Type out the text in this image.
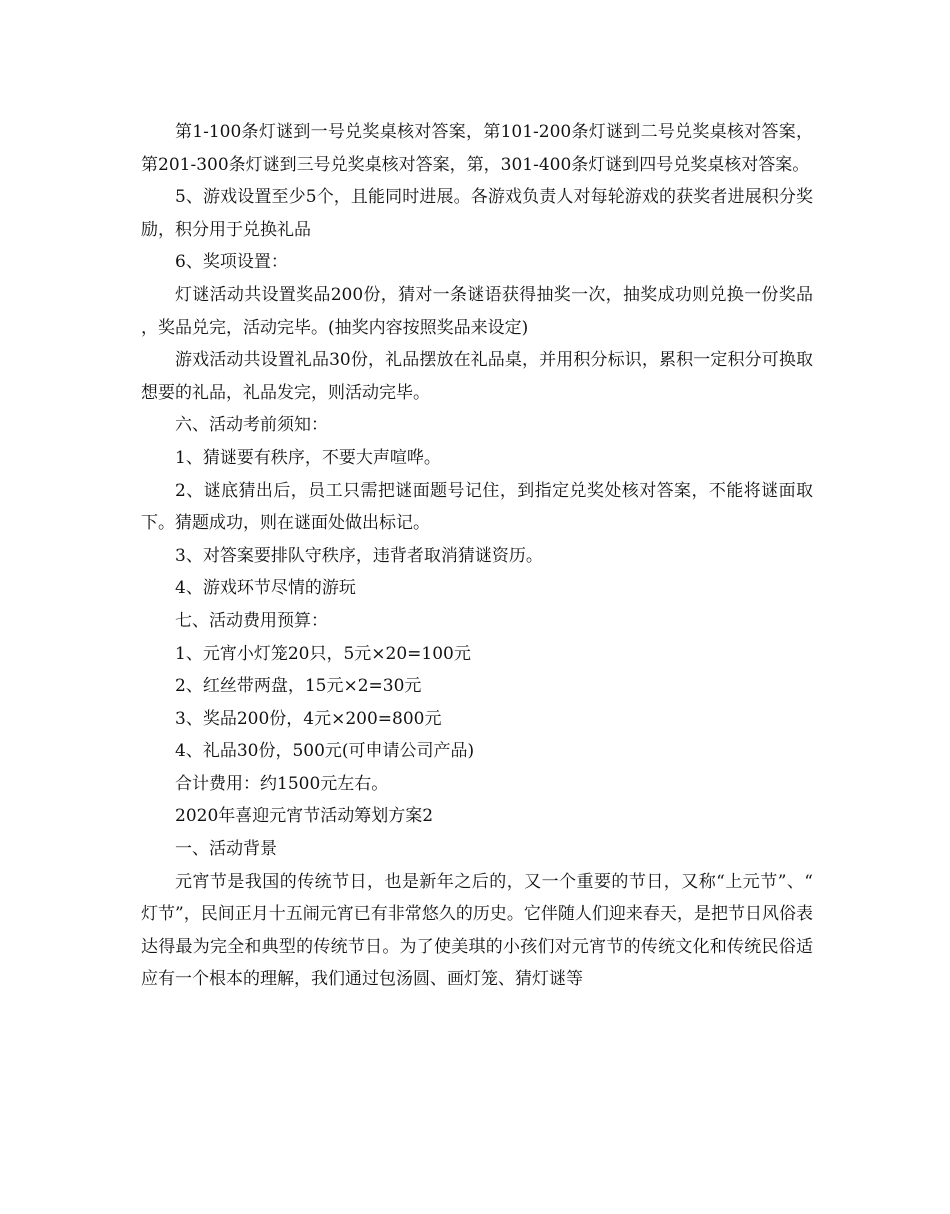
第1-100条灯谜到一号兑奖桌核对答案，第101-200条灯谜到二号兑奖桌核对答案，第201-300条灯谜到三号兑奖桌核对答案，第，301-400条灯谜到四号兑奖桌核对答案。

5、游戏设置至少5个，且能同时进展。各游戏负责人对每轮游戏的获奖者进展积分奖励，积分用于兑换礼品

6、奖项设置：

灯谜活动共设置奖品200份，猜对一条谜语获得抽奖一次，抽奖成功则兑换一份奖品，奖品兑完，活动完毕。(抽奖内容按照奖品来设定)

游戏活动共设置礼品30份，礼品摆放在礼品桌，并用积分标识，累积一定积分可换取想要的礼品，礼品发完，则活动完毕。

六、活动考前须知：

1、猜谜要有秩序，不要大声喧哗。

2、谜底猜出后，员工只需把谜面题号记住，到指定兑奖处核对答案，不能将谜面取下。猜题成功，则在谜面处做出标记。

3、对答案要排队守秩序，违背者取消猜谜资历。

4、游戏环节尽情的游玩

七、活动费用预算：

1、元宵小灯笼20只，5元×20=100元

2、红丝带两盘，15元×2=30元

3、奖品200份，4元×200=800元

4、礼品30份，500元(可申请公司产品)

合计费用：约1500元左右。

2020年喜迎元宵节活动筹划方案2

一、活动背景

元宵节是我国的传统节日，也是新年之后的，又一个重要的节日，又称“上元节”、“灯节”，民间正月十五闹元宵已有非常悠久的历史。它伴随人们迎来春天，是把节日风俗表达得最为完全和典型的传统节日。为了使美琪的小孩们对元宵节的传统文化和传统民俗适应有一个根本的理解，我们通过包汤圆、画灯笼、猜灯谜等
